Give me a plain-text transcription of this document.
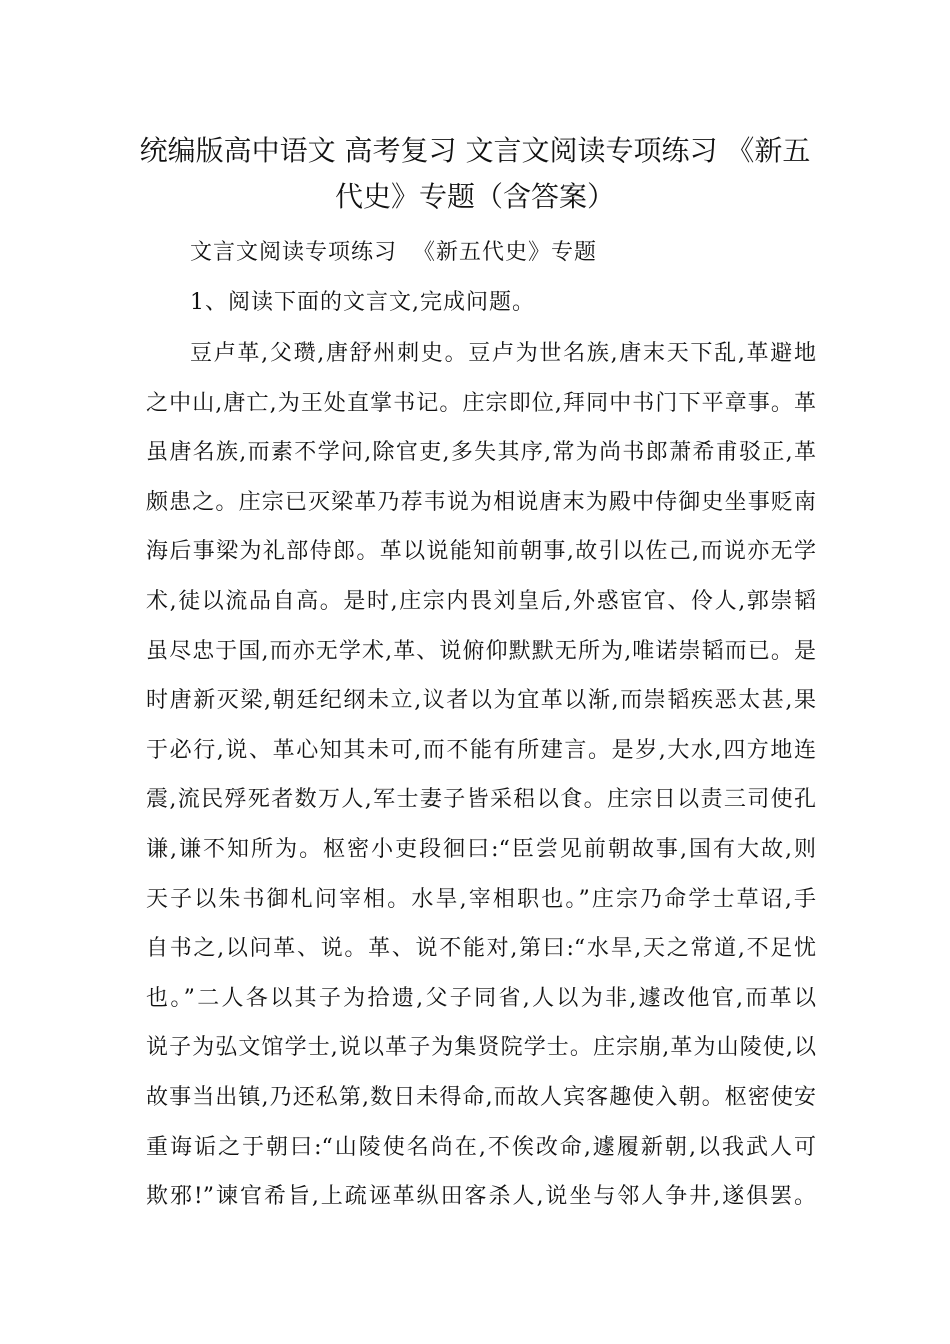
统编版高中语文 高考复习 文言文阅读专项练习 《新五
代史》专题（含答案）
文言文阅读专项练习  《新五代史》专题
1、阅读下面的文言文,完成问题。
豆卢革,父瓒,唐舒州刺史。豆卢为世名族,唐末天下乱,革避地
之中山,唐亡,为王处直掌书记。庄宗即位,拜同中书门下平章事。革
虽唐名族,而素不学问,除官吏,多失其序,常为尚书郎萧希甫驳正,革
颇患之。庄宗已灭梁革乃荐韦说为相说唐末为殿中侍御史坐事贬南
海后事梁为礼部侍郎。革以说能知前朝事,故引以佐己,而说亦无学
术,徒以流品自高。是时,庄宗内畏刘皇后,外惑宦官、伶人,郭崇韬
虽尽忠于国,而亦无学术,革、说俯仰默默无所为,唯诺崇韬而已。是
时唐新灭梁,朝廷纪纲未立,议者以为宜革以渐,而崇韬疾恶太甚,果
于必行,说、革心知其未可,而不能有所建言。是岁,大水,四方地连
震,流民殍死者数万人,军士妻子皆采稆以食。庄宗日以责三司使孔
谦,谦不知所为。枢密小吏段徊曰:“臣尝见前朝故事,国有大故,则
天子以朱书御札问宰相。水旱,宰相职也。”庄宗乃命学士草诏,手
自书之,以问革、说。革、说不能对,第曰:“水旱,天之常道,不足忧
也。”二人各以其子为拾遗,父子同省,人以为非,遽改他官,而革以
说子为弘文馆学士,说以革子为集贤院学士。庄宗崩,革为山陵使,以
故事当出镇,乃还私第,数日未得命,而故人宾客趣使入朝。枢密使安
重诲诟之于朝曰:“山陵使名尚在,不俟改命,遽履新朝,以我武人可
欺邪!”谏官希旨,上疏诬革纵田客杀人,说坐与邻人争井,遂俱罢。
